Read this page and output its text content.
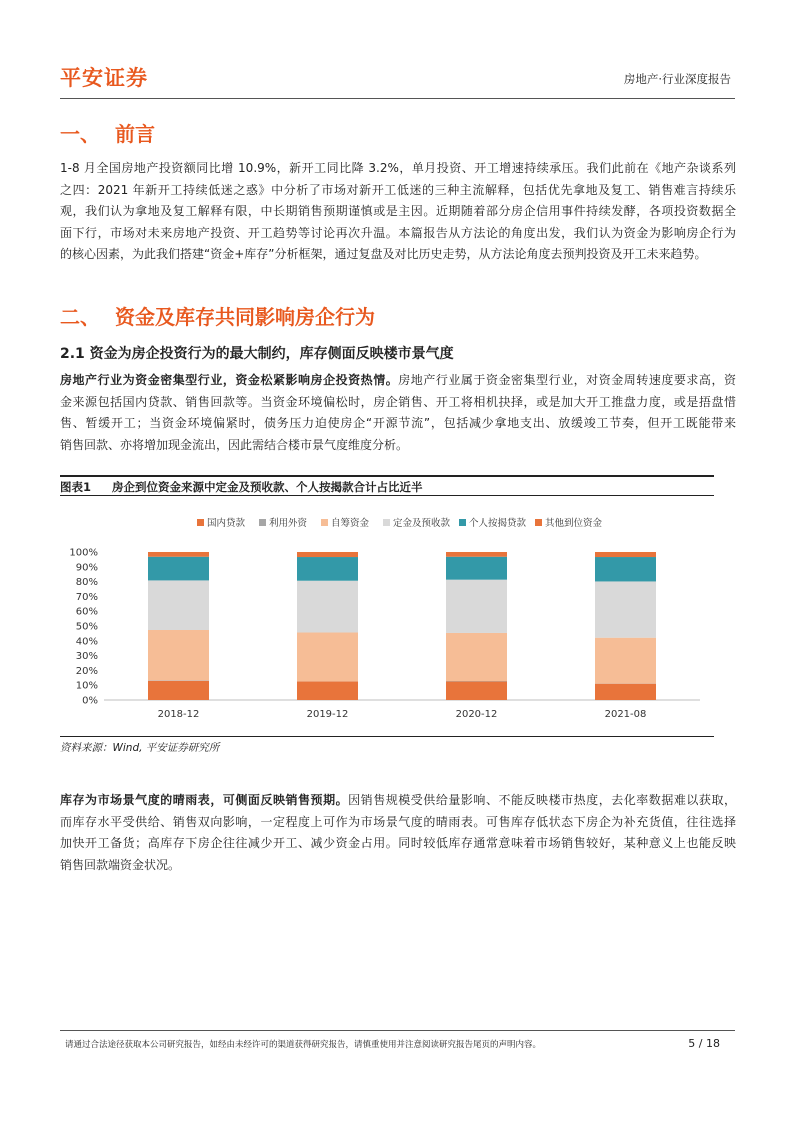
平安证券	房地产·行业深度报告
一、 前言
1-8 月全国房地产投资额同比增 10.9%，新开工同比降 3.2%，单月投资、开工增速持续承压。我们此前在《地产杂谈系列
之四：2021 年新开工持续低迷之惑》中分析了市场对新开工低迷的三种主流解释，包括优先拿地及复工、销售难言持续乐
观，我们认为拿地及复工解释有限，中长期销售预期谨慎或是主因。近期随着部分房企信用事件持续发酵，各项投资数据全
面下行，市场对未来房地产投资、开工趋势等讨论再次升温。本篇报告从方法论的角度出发，我们认为资金为影响房企行为
的核心因素，为此我们搭建“资金+库存”分析框架，通过复盘及对比历史走势，从方法论角度去预判投资及开工未来趋势。
二、 资金及库存共同影响房企行为
2.1 资金为房企投资行为的最大制约，库存侧面反映楼市景气度
房地产行业为资金密集型行业，资金松紧影响房企投资热情。房地产行业属于资金密集型行业，对资金周转速度要求高，资
金来源包括国内贷款、销售回款等。当资金环境偏松时，房企销售、开工将相机抉择，或是加大开工推盘力度，或是捂盘惜
售、暂缓开工；当资金环境偏紧时，债务压力迫使房企“开源节流”，包括减少拿地支出、放缓竣工节奏，但开工既能带来
销售回款、亦将增加现金流出，因此需结合楼市景气度维度分析。
图表1 房企到位资金来源中定金及预收款、个人按揭款合计占比近半
国内贷款	利用外资	自筹资金	定金及预收款 个人按揭贷款 其他到位资金
0%
10%
20%
30%
40%
50%
60%
70%
80%
90%
100%
2018-12	2019-12	2020-12	2021-08
资料来源：Wind, 平安证券研究所
库存为市场景气度的晴雨表，可侧面反映销售预期。因销售规模受供给量影响、不能反映楼市热度，去化率数据难以获取，
而库存水平受供给、销售双向影响，一定程度上可作为市场景气度的晴雨表。可售库存低状态下房企为补充货值，往往选择
加快开工备货；高库存下房企往往减少开工、减少资金占用。同时较低库存通常意味着市场销售较好，某种意义上也能反映
销售回款端资金状况。
请通过合法途径获取本公司研究报告，如经由未经许可的渠道获得研究报告，请慎重使用并注意阅读研究报告尾页的声明内容。	5 / 18
